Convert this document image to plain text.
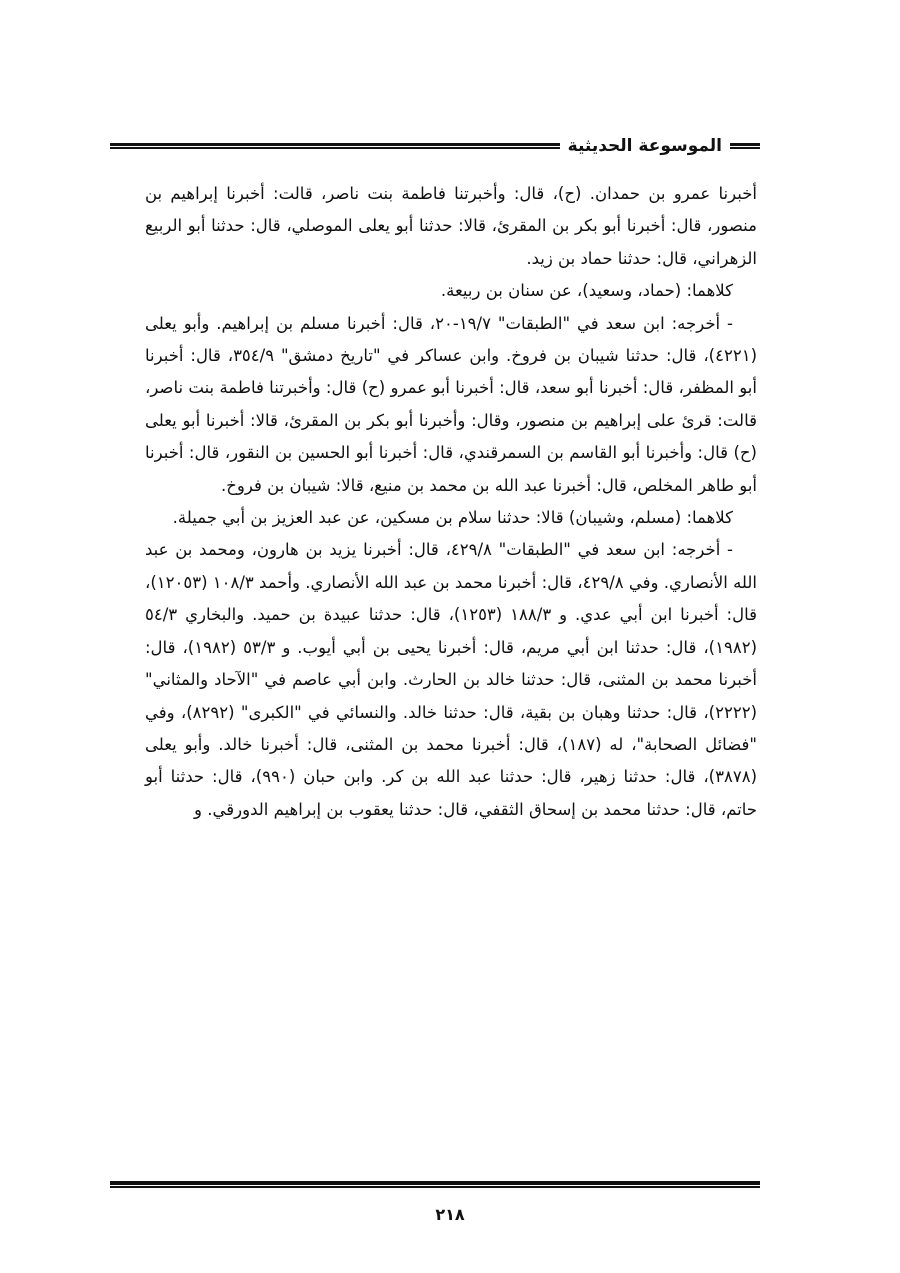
الموسوعة الحديثية

أخبرنا عمرو بن حمدان. (ح)، قال: وأخبرتنا فاطمة بنت ناصر، قالت: أخبرنا إبراهيم بن منصور، قال: أخبرنا أبو بكر بن المقرئ، قالا: حدثنا أبو يعلى الموصلي، قال: حدثنا أبو الربيع الزهراني، قال: حدثنا حماد بن زيد.

كلاهما: (حماد، وسعيد)، عن سنان بن ربيعة.

- أخرجه: ابن سعد في "الطبقات" ١٩/٧-٢٠، قال: أخبرنا مسلم بن إبراهيم. وأبو يعلى (٤٢٢١)، قال: حدثنا شيبان بن فروخ. وابن عساكر في "تاريخ دمشق" ٣٥٤/٩، قال: أخبرنا أبو المظفر، قال: أخبرنا أبو سعد، قال: أخبرنا أبو عمرو (ح) قال: وأخبرتنا فاطمة بنت ناصر، قالت: قرئ على إبراهيم بن منصور، وقال: وأخبرنا أبو بكر بن المقرئ، قالا: أخبرنا أبو يعلى (ح) قال: وأخبرنا أبو القاسم بن السمرقندي، قال: أخبرنا أبو الحسين بن النقور، قال: أخبرنا أبو طاهر المخلص، قال: أخبرنا عبد الله بن محمد بن منيع، قالا: شيبان بن فروخ.

كلاهما: (مسلم، وشيبان) قالا: حدثنا سلام بن مسكين، عن عبد العزيز بن أبي جميلة.

- أخرجه: ابن سعد في "الطبقات" ٤٢٩/٨، قال: أخبرنا يزيد بن هارون، ومحمد بن عبد الله الأنصاري. وفي ٤٢٩/٨، قال: أخبرنا محمد بن عبد الله الأنصاري. وأحمد ١٠٨/٣ (١٢٠٥٣)، قال: أخبرنا ابن أبي عدي. و ١٨٨/٣ (١٢٥٣)، قال: حدثنا عبيدة بن حميد. والبخاري ٥٤/٣ (١٩٨٢)، قال: حدثنا ابن أبي مريم، قال: أخبرنا يحيى بن أبي أيوب. و ٥٣/٣ (١٩٨٢)، قال: أخبرنا محمد بن المثنى، قال: حدثنا خالد بن الحارث. وابن أبي عاصم في "الآحاد والمثاني" (٢٢٢٢)، قال: حدثنا وهبان بن بقية، قال: حدثنا خالد. والنسائي في "الكبرى" (٨٢٩٢)، وفي "فضائل الصحابة"، له (١٨٧)، قال: أخبرنا محمد بن المثنى، قال: أخبرنا خالد. وأبو يعلى (٣٨٧٨)، قال: حدثنا زهير، قال: حدثنا عبد الله بن كر. وابن حبان (٩٩٠)، قال: حدثنا أبو حاتم، قال: حدثنا محمد بن إسحاق الثقفي، قال: حدثنا يعقوب بن إبراهيم الدورقي. و

٢١٨
